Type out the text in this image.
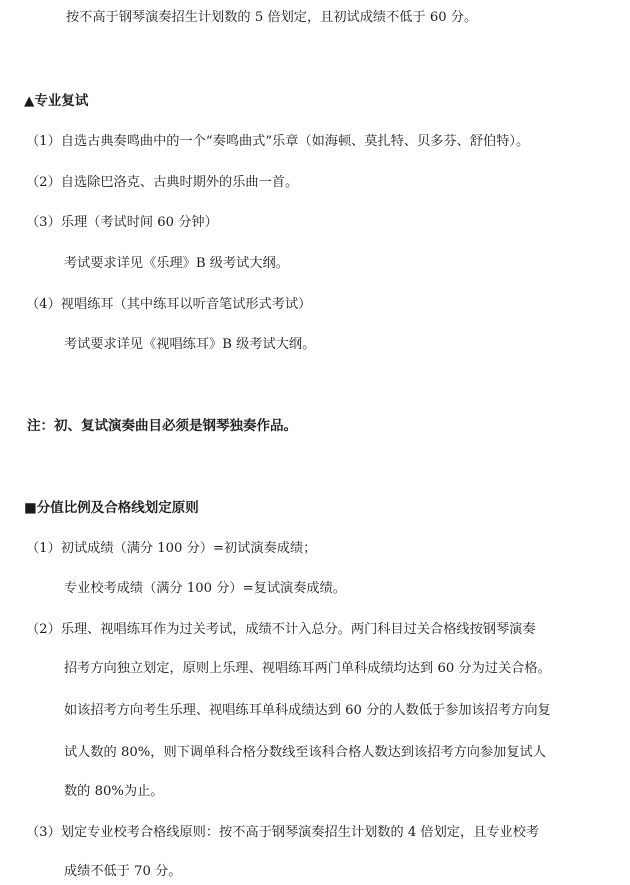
按不高于钢琴演奏招生计划数的 5 倍划定，且初试成绩不低于 60 分。
▲专业复试
（1）自选古典奏鸣曲中的一个“奏鸣曲式”乐章（如海顿、莫扎特、贝多芬、舒伯特）。
（2）自选除巴洛克、古典时期外的乐曲一首。
（3）乐理（考试时间 60 分钟）
考试要求详见《乐理》B 级考试大纲。
（4）视唱练耳（其中练耳以听音笔试形式考试）
考试要求详见《视唱练耳》B 级考试大纲。
注：初、复试演奏曲目必须是钢琴独奏作品。
■分值比例及合格线划定原则
（1）初试成绩（满分 100 分）=初试演奏成绩；
专业校考成绩（满分 100 分）=复试演奏成绩。
（2）乐理、视唱练耳作为过关考试，成绩不计入总分。两门科目过关合格线按钢琴演奏
招考方向独立划定，原则上乐理、视唱练耳两门单科成绩均达到 60 分为过关合格。
如该招考方向考生乐理、视唱练耳单科成绩达到 60 分的人数低于参加该招考方向复
试人数的 80%，则下调单科合格分数线至该科合格人数达到该招考方向参加复试人
数的 80%为止。
（3）划定专业校考合格线原则：按不高于钢琴演奏招生计划数的 4 倍划定，且专业校考
成绩不低于 70 分。
